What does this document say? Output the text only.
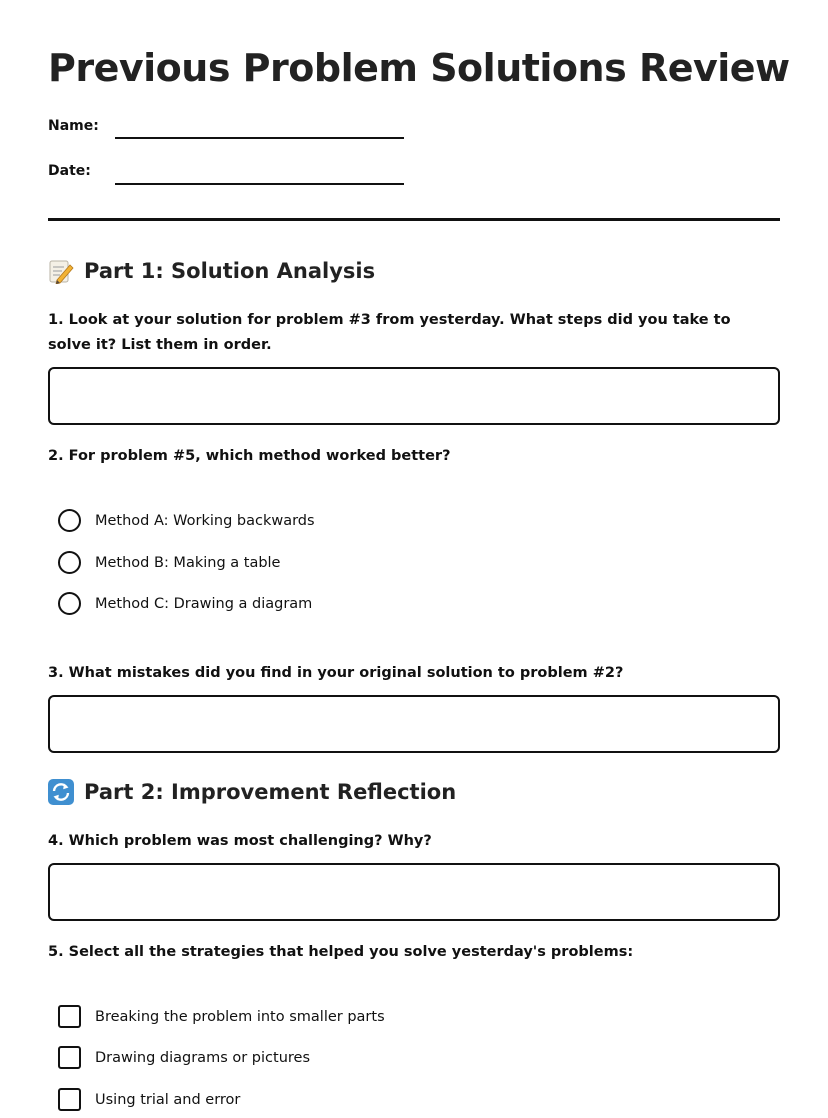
Previous Problem Solutions Review
Name:
Date:
Part 1: Solution Analysis

1. Look at your solution for problem #3 from yesterday. What steps did you take to solve it? List them in order.

2. For problem #5, which method worked better?

Method A: Working backwards
Method B: Making a table
Method C: Drawing a diagram

3. What mistakes did you find in your original solution to problem #2?

Part 2: Improvement Reflection

4. Which problem was most challenging? Why?

5. Select all the strategies that helped you solve yesterday's problems:

Breaking the problem into smaller parts
Drawing diagrams or pictures
Using trial and error
